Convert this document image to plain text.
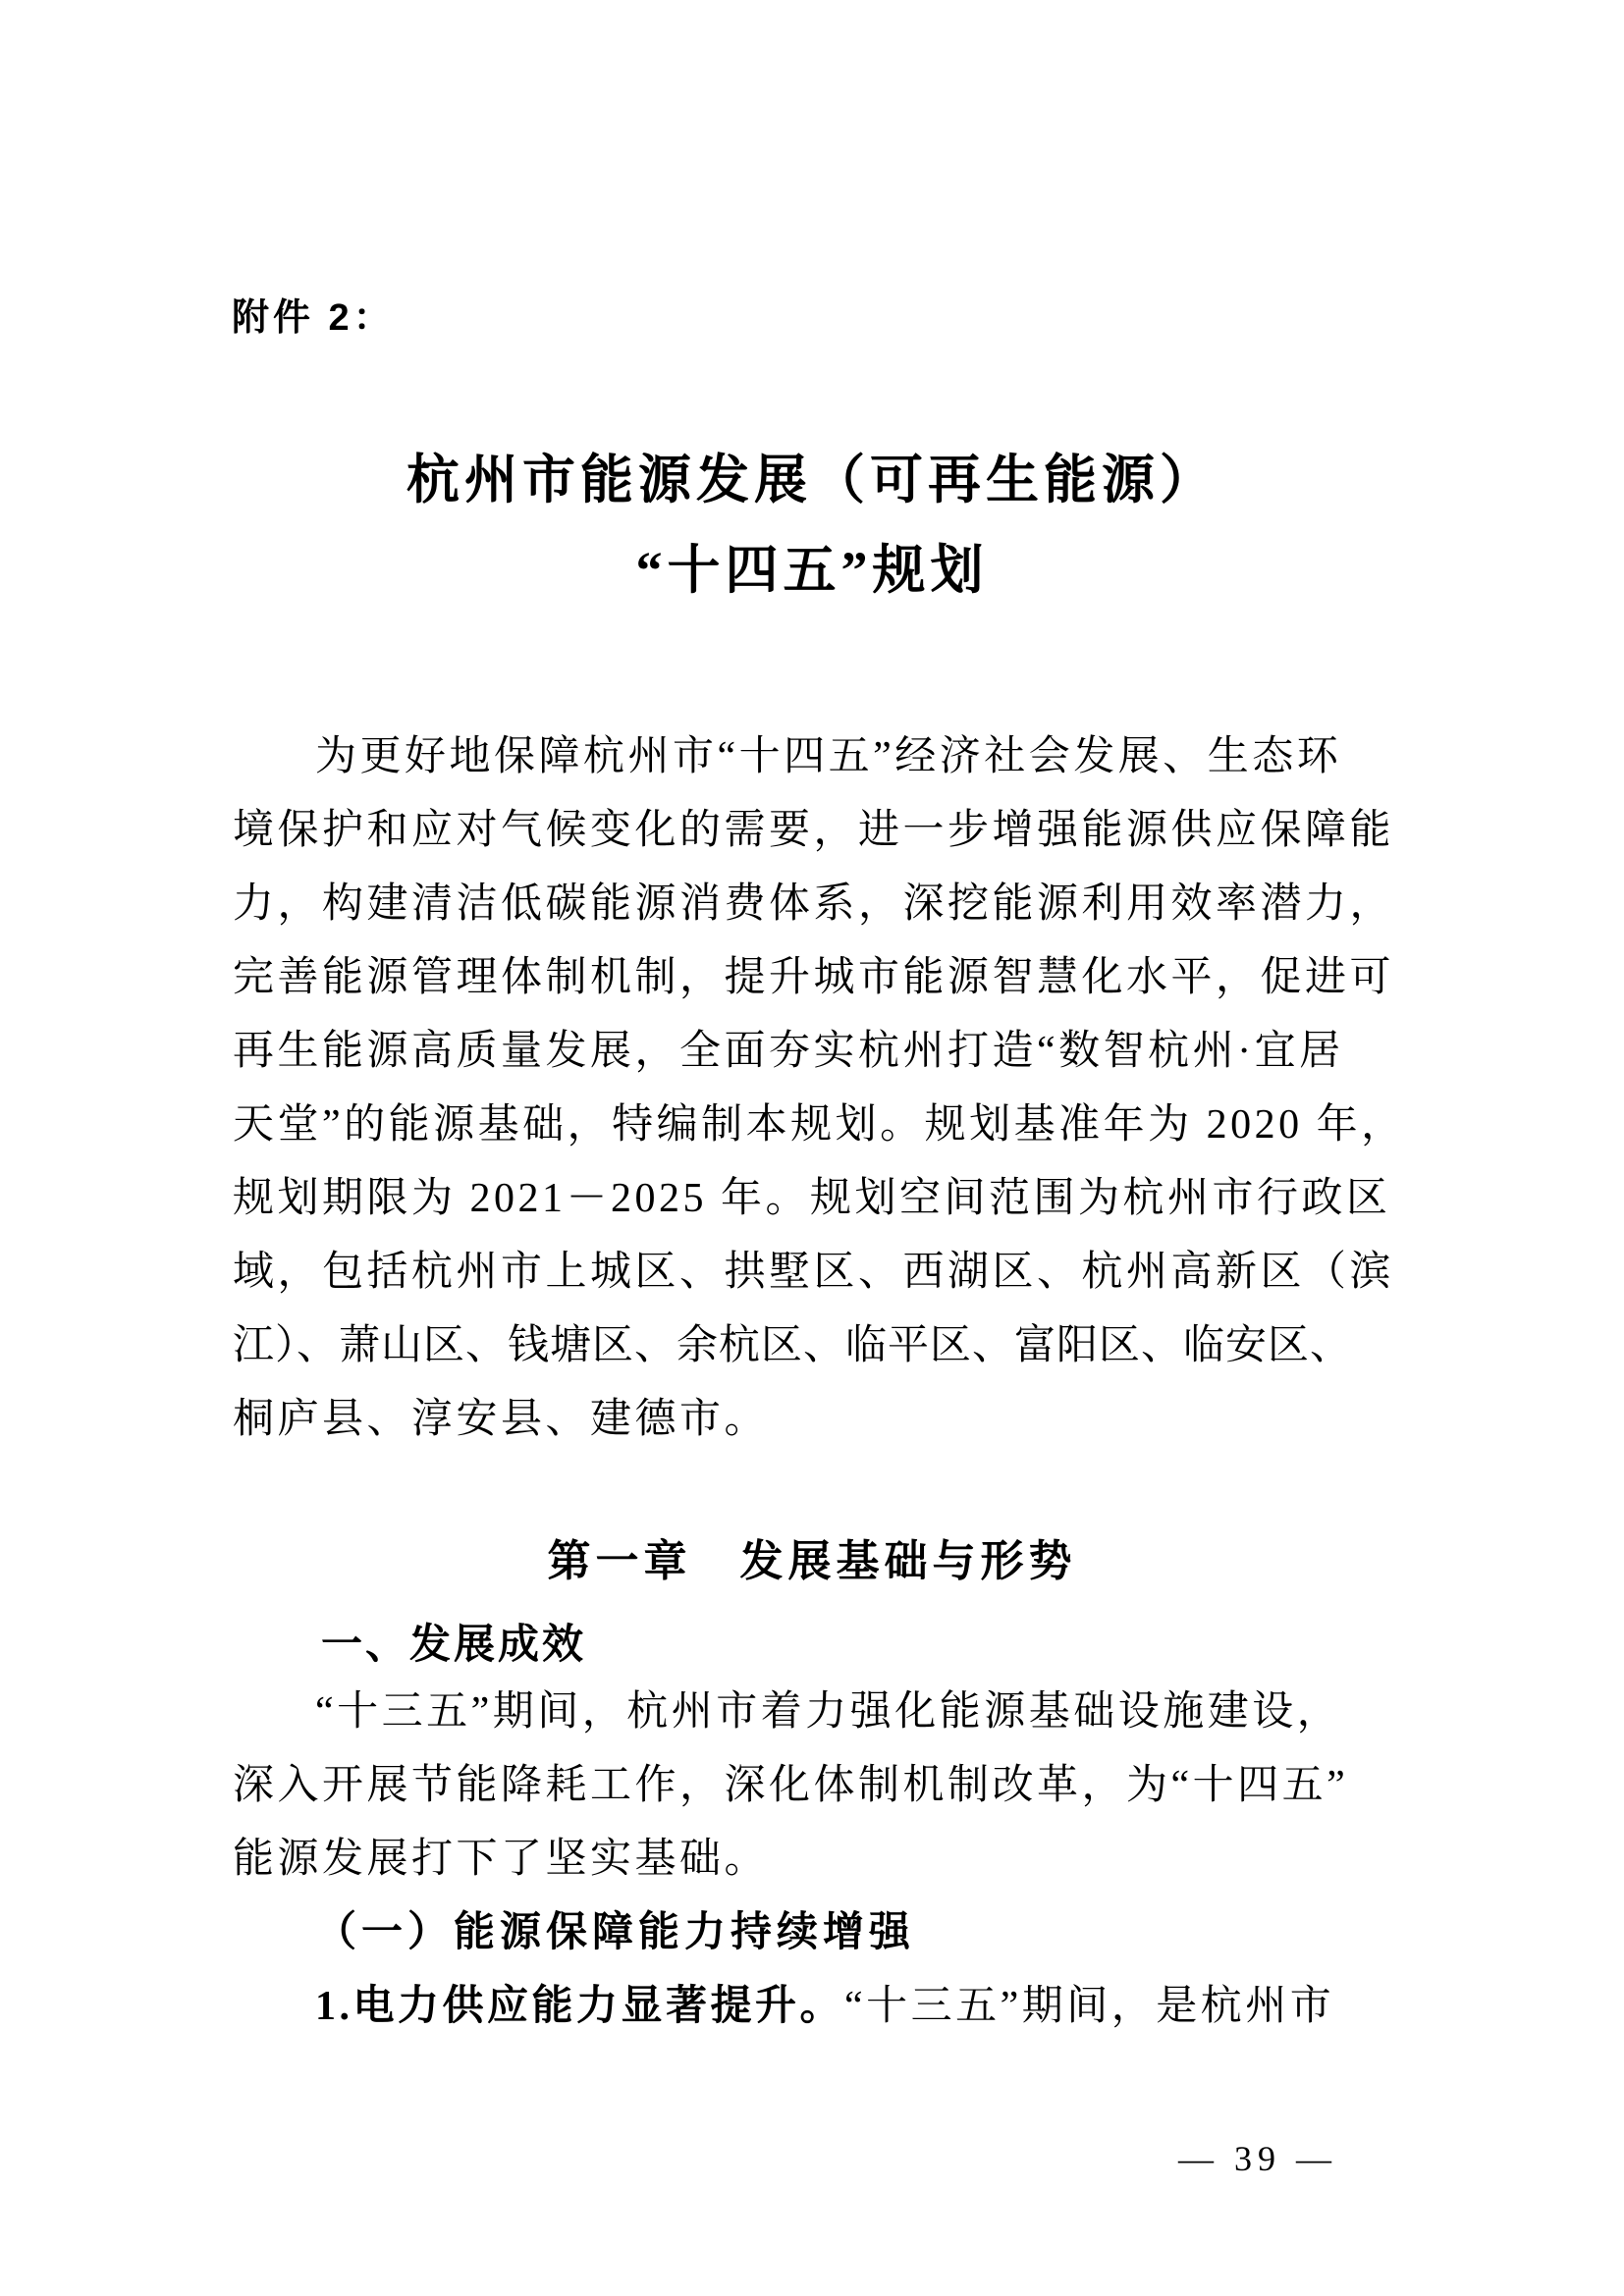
附件 2：
杭州市能源发展（可再生能源）
“十四五”规划
为更好地保障杭州市“十四五”经济社会发展、生态环
境保护和应对气候变化的需要，进一步增强能源供应保障能
力，构建清洁低碳能源消费体系，深挖能源利用效率潜力，
完善能源管理体制机制，提升城市能源智慧化水平，促进可
再生能源高质量发展，全面夯实杭州打造“数智杭州·宜居
天堂”的能源基础，特编制本规划。规划基准年为 2020 年，
规划期限为 2021－2025 年。规划空间范围为杭州市行政区
域，包括杭州市上城区、拱墅区、西湖区、杭州高新区（滨
江）、萧山区、钱塘区、余杭区、临平区、富阳区、临安区、
桐庐县、淳安县、建德市。
第一章　发展基础与形势
一、发展成效
“十三五”期间，杭州市着力强化能源基础设施建设，
深入开展节能降耗工作，深化体制机制改革，为“十四五”
能源发展打下了坚实基础。
（一）能源保障能力持续增强
1.电力供应能力显著提升。“十三五”期间，是杭州市
— 39 —
